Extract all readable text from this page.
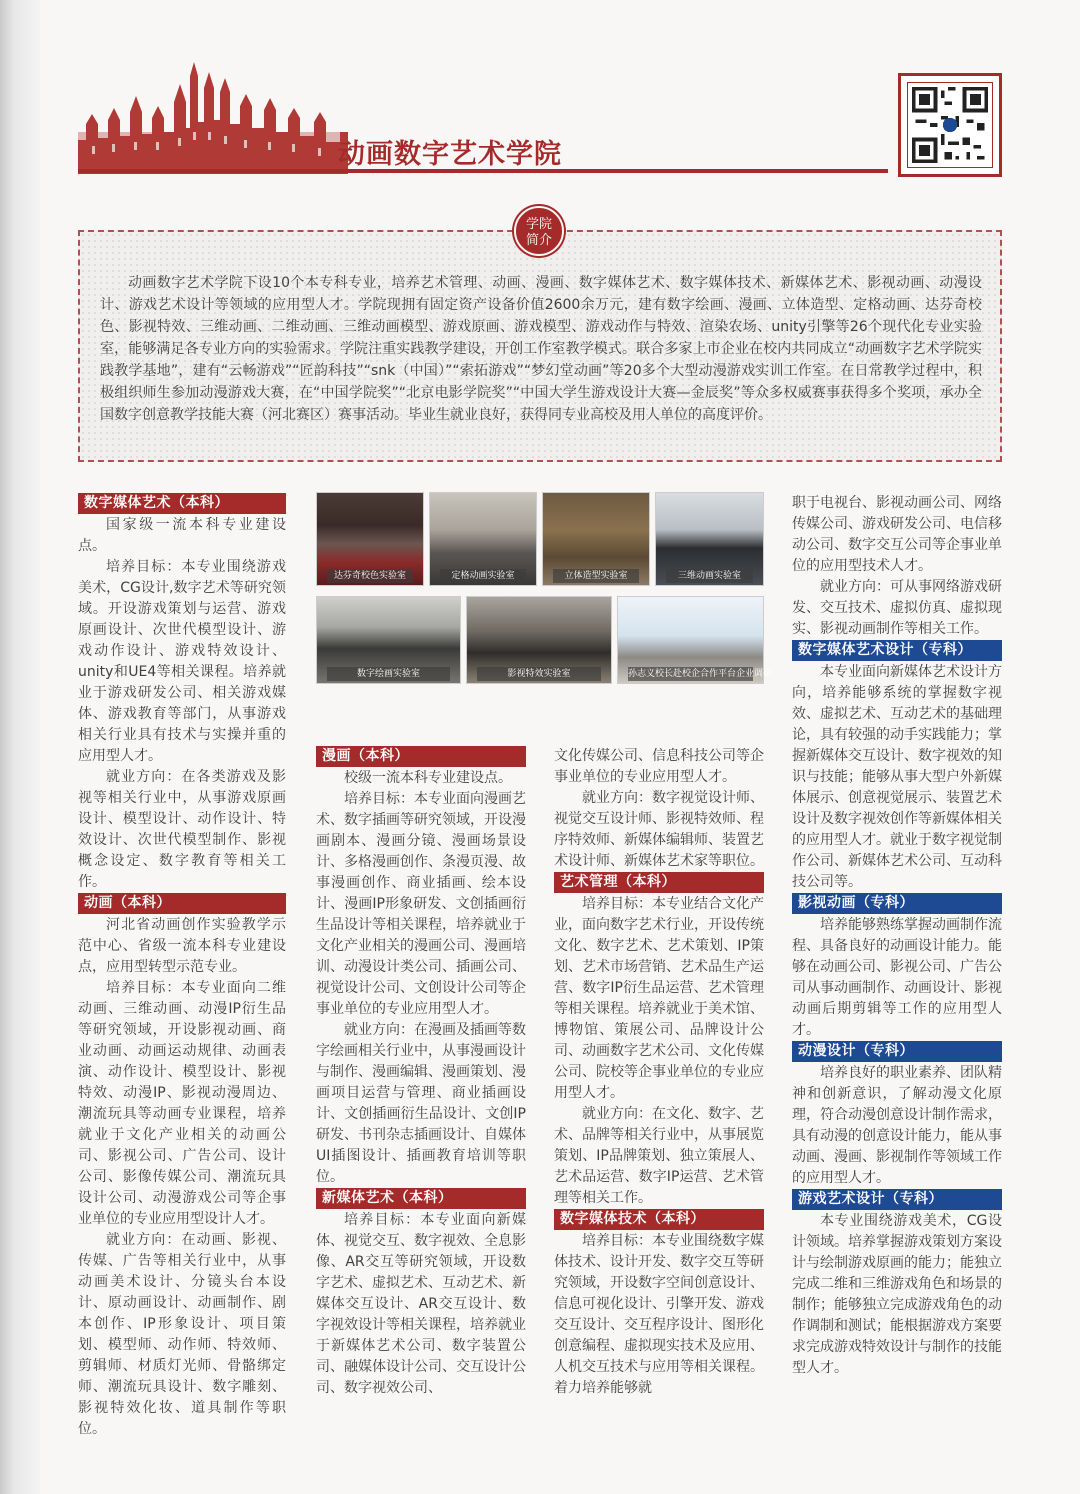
动画数字艺术学院
学院
简介
动画数字艺术学院下设10个本专科专业，培养艺术管理、动画、漫画、数字媒体艺术、数字媒体技术、新媒体艺术、影视动画、动漫设计、游戏艺术设计等领域的应用型人才。学院现拥有固定资产设备价值2600余万元，建有数字绘画、漫画、立体造型、定格动画、达芬奇校色、影视特效、三维动画、二维动画、三维动画模型、游戏原画、游戏模型、游戏动作与特效、渲染农场、unity引擎等26个现代化专业实验室，能够满足各专业方向的实验需求。学院注重实践教学建设，开创工作室教学模式。联合多家上市企业在校内共同成立“动画数字艺术学院实践教学基地”，建有“云畅游戏”“匠韵科技”“snk（中国）”“索拓游戏”“梦幻堂动画”等20多个大型动漫游戏实训工作室。在日常教学过程中，积极组织师生参加动漫游戏大赛，在“中国学院奖”“北京电影学院奖”“中国大学生游戏设计大赛—金辰奖”等众多权威赛事获得多个奖项，承办全国数字创意教学技能大赛（河北赛区）赛事活动。毕业生就业良好，获得同专业高校及用人单位的高度评价。
数字媒体艺术（本科）

国家级一流本科专业建设点。

培养目标：本专业围绕游戏美术，CG设计,数字艺术等研究领域。开设游戏策划与运营、游戏原画设计、次世代模型设计、游戏动作设计、游戏特效设计、unity和UE4等相关课程。培养就业于游戏研发公司、相关游戏媒体、游戏教育等部门，从事游戏相关行业具有技术与实操并重的应用型人才。

就业方向：在各类游戏及影视等相关行业中，从事游戏原画设计、模型设计、动作设计、特效设计、次世代模型制作、影视概念设定、数字教育等相关工作。

动画（本科）

河北省动画创作实验教学示范中心、省级一流本科专业建设点，应用型转型示范专业。

培养目标：本专业面向二维动画、三维动画、动漫IP衍生品等研究领域，开设影视动画、商业动画、动画运动规律、动画表演、动作设计、模型设计、影视特效、动漫IP、影视动漫周边、潮流玩具等动画专业课程，培养就业于文化产业相关的动画公司、影视公司、广告公司、设计公司、影像传媒公司、潮流玩具设计公司、动漫游戏公司等企事业单位的专业应用型设计人才。

就业方向：在动画、影视、传媒、广告等相关行业中，从事动画美术设计、分镜头台本设计、原动画设计、动画制作、剧本创作、IP形象设计、项目策划、模型师、动作师、特效师、剪辑师、材质灯光师、骨骼绑定师、潮流玩具设计、数字雕刻、影视特效化妆、道具制作等职位。

达芬奇校色实验室	定格动画实验室	立体造型实验室	三维动画实验室
数字绘画实验室	影视特效实验室	孙志义校长赴校企合作平台企业调研
漫画（本科）

校级一流本科专业建设点。

培养目标：本专业面向漫画艺术、数字插画等研究领域，开设漫画剧本、漫画分镜、漫画场景设计、多格漫画创作、条漫页漫、故事漫画创作、商业插画、绘本设计、漫画IP形象研发、文创插画衍生品设计等相关课程，培养就业于文化产业相关的漫画公司、漫画培训、动漫设计类公司、插画公司、视觉设计公司、文创设计公司等企事业单位的专业应用型人才。

就业方向：在漫画及插画等数字绘画相关行业中，从事漫画设计与制作、漫画编辑、漫画策划、漫画项目运营与管理、商业插画设计、文创插画衍生品设计、文创IP研发、书刊杂志插画设计、自媒体UI插图设计、插画教育培训等职位。

新媒体艺术（本科）

培养目标：本专业面向新媒体、视觉交互、数字视效、全息影像、AR交互等研究领域，开设数字艺术、虚拟艺术、互动艺术、新媒体交互设计、AR交互设计、数字视效设计等相关课程，培养就业于新媒体艺术公司、数字装置公司、融媒体设计公司、交互设计公司、数字视效公司、

文化传媒公司、信息科技公司等企事业单位的专业应用型人才。

就业方向：数字视觉设计师、视觉交互设计师、影视特效师、程序特效师、新媒体编辑师、装置艺术设计师、新媒体艺术家等职位。

艺术管理（本科）

培养目标：本专业结合文化产业，面向数字艺术行业，开设传统文化、数字艺术、艺术策划、IP策划、艺术市场营销、艺术品生产运营、数字IP衍生品运营、艺术管理等相关课程。培养就业于美术馆、博物馆、策展公司、品牌设计公司、动画数字艺术公司、文化传媒公司、院校等企事业单位的专业应用型人才。

就业方向：在文化、数字、艺术、品牌等相关行业中，从事展览策划、IP品牌策划、独立策展人、艺术品运营、数字IP运营、艺术管理等相关工作。

数字媒体技术（本科）

培养目标：本专业围绕数字媒体技术、设计开发、数字交互等研究领域，开设数字空间创意设计、信息可视化设计、引擎开发、游戏交互设计、交互程序设计、图形化创意编程、虚拟现实技术及应用、人机交互技术与应用等相关课程。着力培养能够就

职于电视台、影视动画公司、网络传媒公司、游戏研发公司、电信移动公司、数字交互公司等企事业单位的应用型技术人才。

就业方向：可从事网络游戏研发、交互技术、虚拟仿真、虚拟现实、影视动画制作等相关工作。

数字媒体艺术设计（专科）

本专业面向新媒体艺术设计方向，培养能够系统的掌握数字视效、虚拟艺术、互动艺术的基础理论，具有较强的动手实践能力；掌握新媒体交互设计、数字视效的知识与技能；能够从事大型户外新媒体展示、创意视觉展示、装置艺术设计及数字视效创作等新媒体相关的应用型人才。就业于数字视觉制作公司、新媒体艺术公司、互动科技公司等。

影视动画（专科）

培养能够熟练掌握动画制作流程、具备良好的动画设计能力。能够在动画公司、影视公司、广告公司从事动画制作、动画设计、影视动画后期剪辑等工作的应用型人才。

动漫设计（专科）

培养良好的职业素养、团队精神和创新意识，了解动漫文化原理，符合动漫创意设计制作需求，具有动漫的创意设计能力，能从事动画、漫画、影视制作等领域工作的应用型人才。

游戏艺术设计（专科）

本专业围绕游戏美术，CG设计领域。培养掌握游戏策划方案设计与绘制游戏原画的能力；能独立完成二维和三维游戏角色和场景的制作；能够独立完成游戏角色的动作调制和测试；能根据游戏方案要求完成游戏特效设计与制作的技能型人才。
